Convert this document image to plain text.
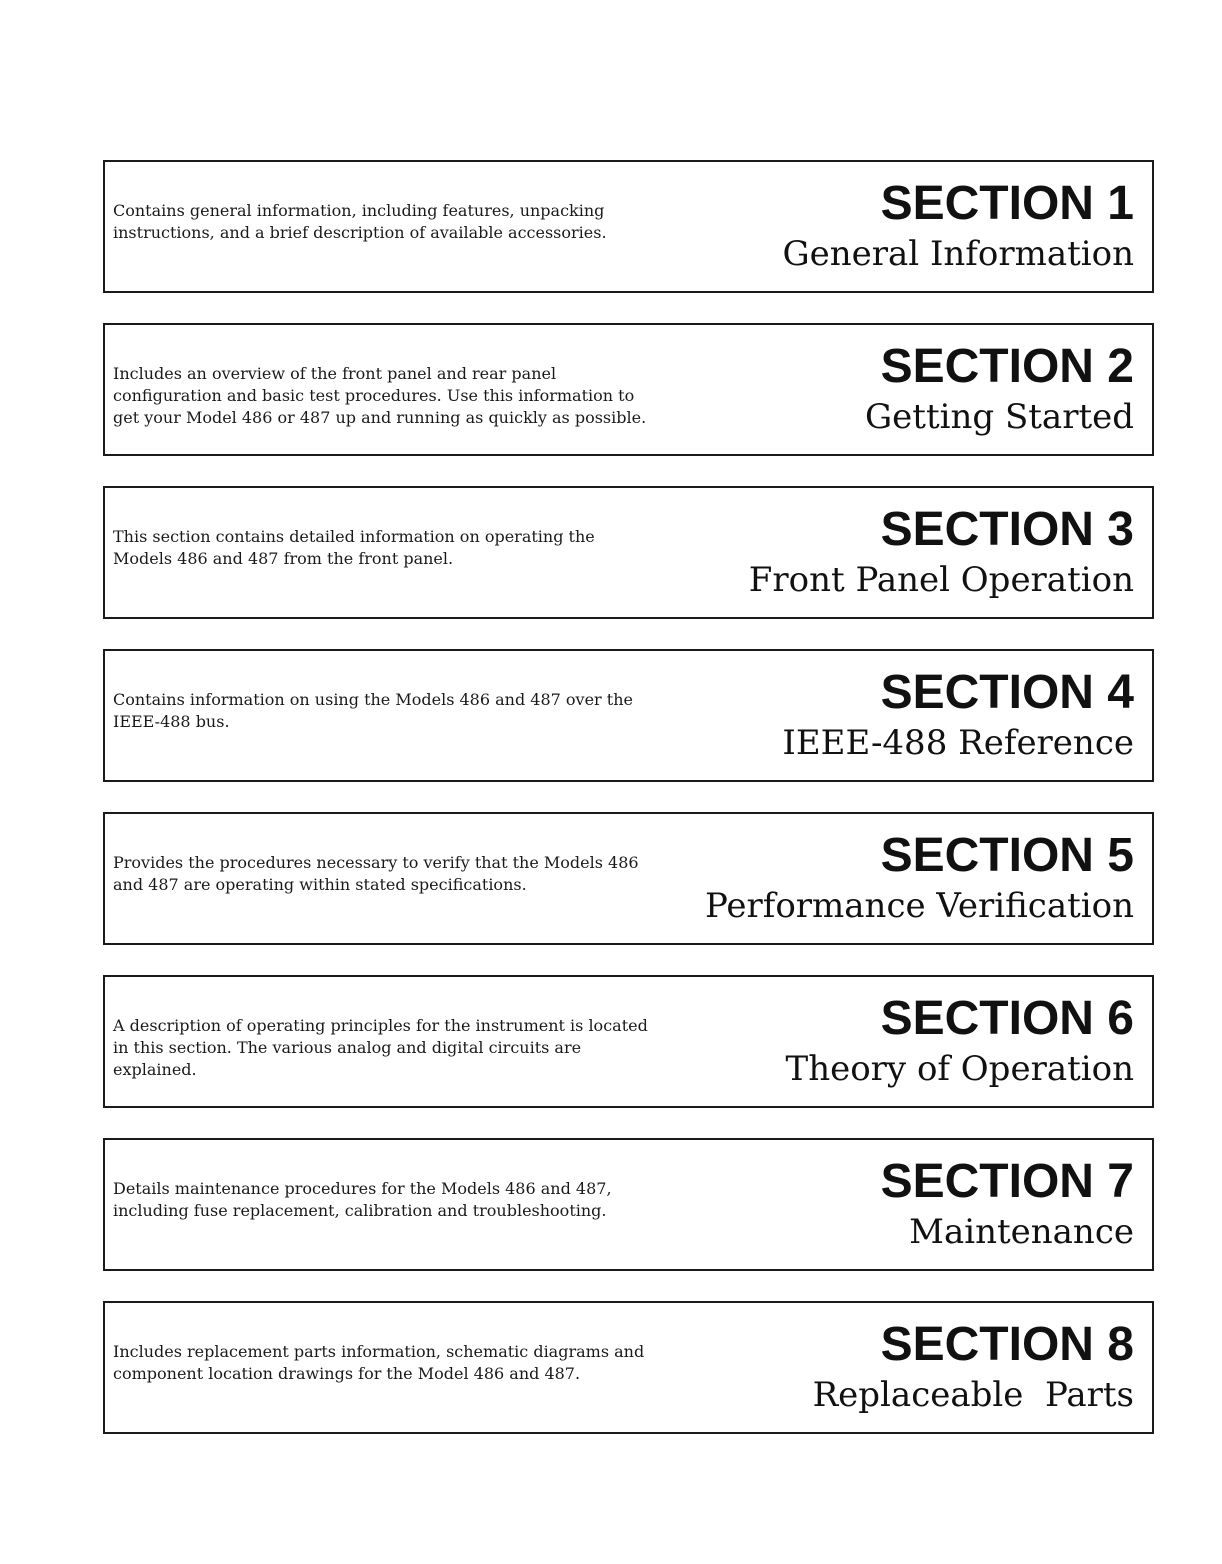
Contains general information, including features, unpacking instructions, and a brief description of available accessories.

SECTION 1
General Information

Includes an overview of the front panel and rear panel configuration and basic test procedures. Use this information to get your Model 486 or 487 up and running as quickly as possible.

SECTION 2
Getting Started

This section contains detailed information on operating the Models 486 and 487 from the front panel.

SECTION 3
Front Panel Operation

Contains information on using the Models 486 and 487 over the IEEE-488 bus.

SECTION 4
IEEE-488 Reference

Provides the procedures necessary to verify that the Models 486 and 487 are operating within stated specifications.

SECTION 5
Performance Verification

A description of operating principles for the instrument is located in this section. The various analog and digital circuits are explained.

SECTION 6
Theory of Operation

Details maintenance procedures for the Models 486 and 487, including fuse replacement, calibration and troubleshooting.

SECTION 7
Maintenance

Includes replacement parts information, schematic diagrams and component location drawings for the Model 486 and 487.

SECTION 8
Replaceable  Parts
